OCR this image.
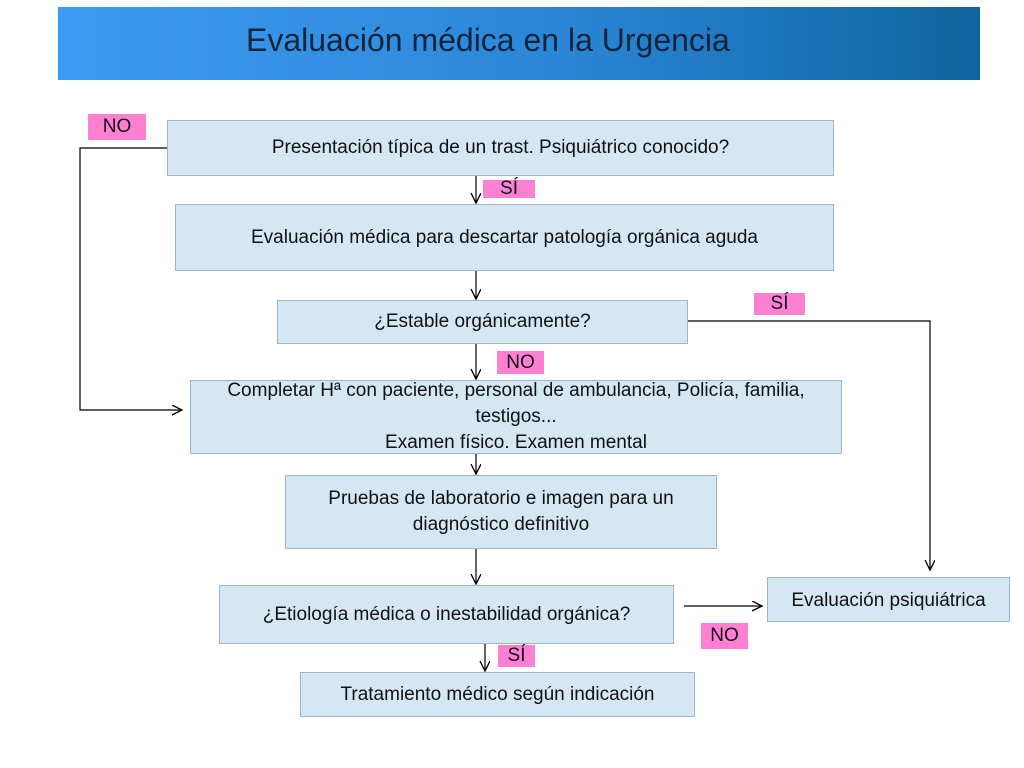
Evaluación médica en la Urgencia
Presentación típica de un trast. Psiquiátrico conocido?
Evaluación médica para descartar patología orgánica aguda
¿Estable orgánicamente?
Completar Hª con paciente, personal de ambulancia, Policía, familia, testigos...
Examen físico. Examen mental
Pruebas de laboratorio e imagen para un diagnóstico definitivo
¿Etiología médica o inestabilidad orgánica?
Tratamiento médico según indicación
Evaluación psiquiátrica
NO
SÍ
SÍ
NO
SÍ
NO
